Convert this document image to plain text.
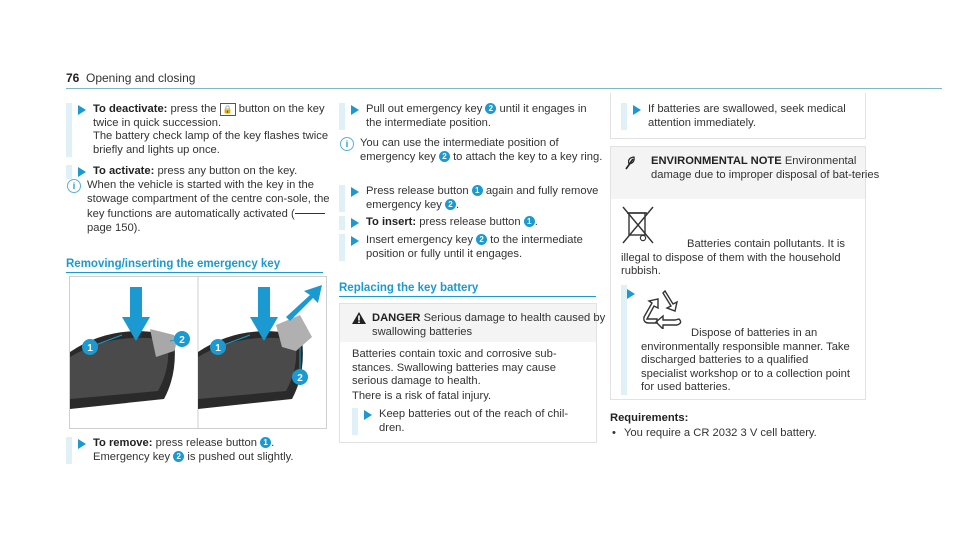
76 Opening and closing
To deactivate: press the 🔒 button on the key twice in quick succession.
The battery check lamp of the key flashes twice briefly and lights up once.
To activate: press any button on the key.
i	When the vehicle is started with the key in the stowage compartment of the centre con-sole, the key functions are automatically activated ( page 150).
Removing/inserting the emergency key
1
2
1
2
To remove: press release button 1 . Emergency key 2 is pushed out slightly.
Pull out emergency key 2 until it engages in the intermediate position.
i	You can use the intermediate position of emergency key 2 to attach the key to a key ring.
Press release button 1 again and fully remove emergency key 2 .
To insert: press release button 1 .
Insert emergency key 2 to the intermediate position or fully until it engages.
Replacing the key battery
DANGER Serious damage to health caused by swallowing batteries
Batteries contain toxic and corrosive sub-stances. Swallowing batteries may cause serious damage to health.
There is a risk of fatal injury.
Keep batteries out of the reach of chil-dren.
If batteries are swallowed, seek medical attention immediately.
ENVIRONMENTAL NOTE Environmental damage due to improper disposal of bat-teries
Batteries contain pollutants. It is illegal to dispose of them with the household rubbish.
Dispose of batteries in an environmentally responsible manner. Take discharged batteries to a qualified specialist workshop or to a collection point for used batteries.
Requirements:
• You require a CR 2032 3 V cell battery.
